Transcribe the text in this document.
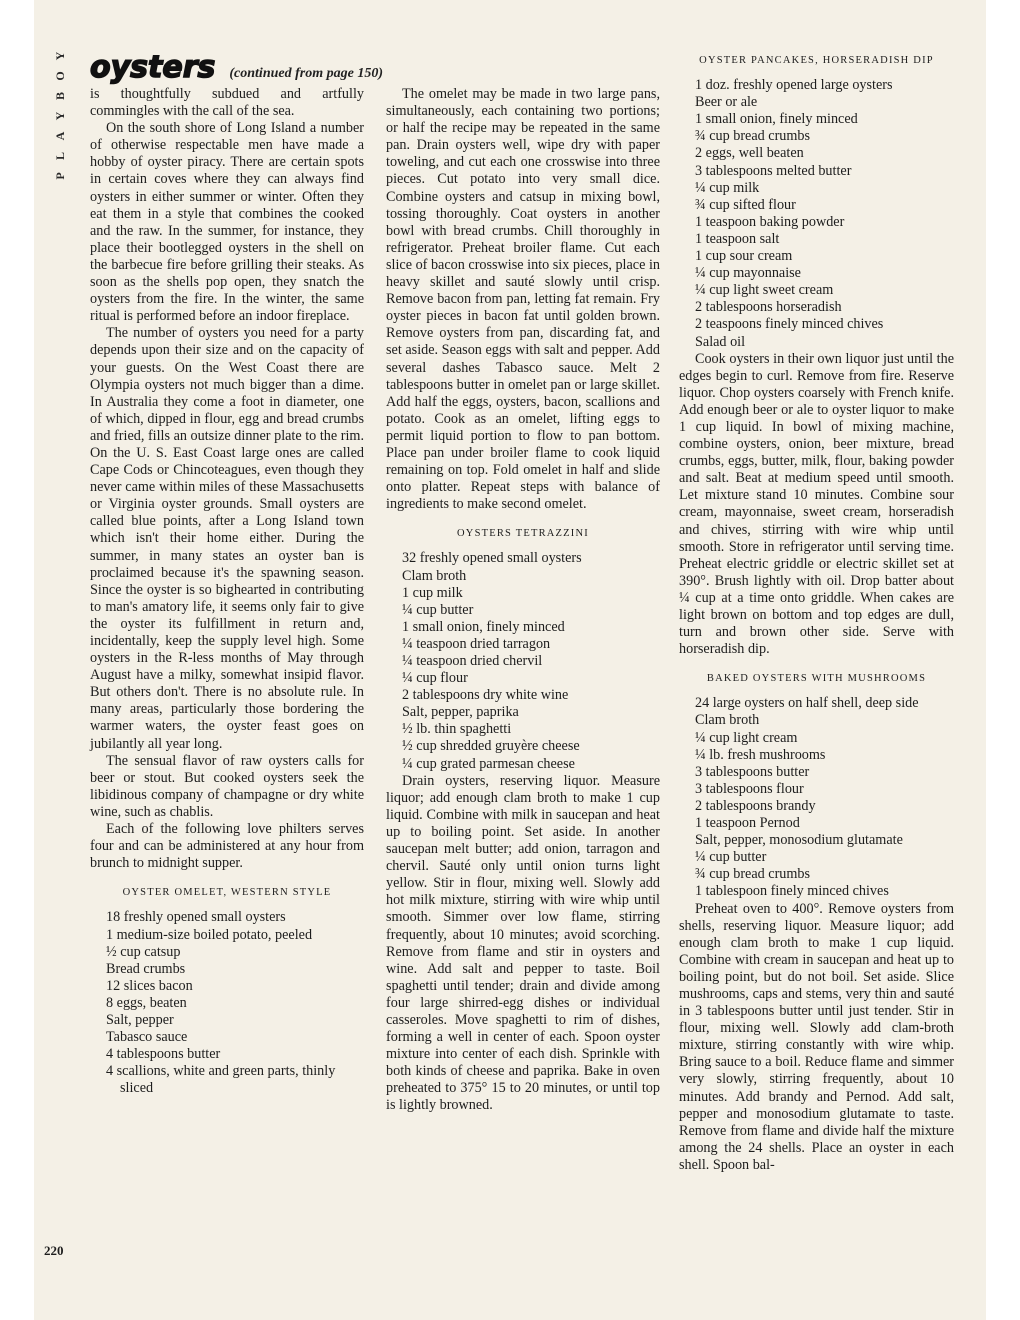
Y
O
B
Y
A
L
P
oysters (continued from page 150)

is thoughtfully subdued and artfully commingles with the call of the sea.

On the south shore of Long Island a number of otherwise respectable men have made a hobby of oyster piracy. There are certain spots in certain coves where they can always find oysters in either summer or winter. Often they eat them in a style that combines the cooked and the raw. In the summer, for instance, they place their bootlegged oysters in the shell on the barbecue fire before grilling their steaks. As soon as the shells pop open, they snatch the oysters from the fire. In the winter, the same ritual is performed before an indoor fireplace.

The number of oysters you need for a party depends upon their size and on the capacity of your guests. On the West Coast there are Olympia oysters not much bigger than a dime. In Australia they come a foot in diameter, one of which, dipped in flour, egg and bread crumbs and fried, fills an outsize dinner plate to the rim. On the U. S. East Coast large ones are called Cape Cods or Chincoteagues, even though they never came within miles of these Massachusetts or Virginia oyster grounds. Small oysters are called blue points, after a Long Island town which isn't their home either. During the summer, in many states an oyster ban is proclaimed because it's the spawning season. Since the oyster is so bighearted in contributing to man's amatory life, it seems only fair to give the oyster its fulfillment in return and, incidentally, keep the supply level high. Some oysters in the R-less months of May through August have a milky, somewhat insipid flavor. But others don't. There is no absolute rule. In many areas, particularly those bordering the warmer waters, the oyster feast goes on jubilantly all year long.

The sensual flavor of raw oysters calls for beer or stout. But cooked oysters seek the libidinous company of champagne or dry white wine, such as chablis.

Each of the following love philters serves four and can be administered at any hour from brunch to midnight supper.

OYSTER OMELET, WESTERN STYLE
18 freshly opened small oysters
1 medium-size boiled potato, peeled
½ cup catsup
Bread crumbs
12 slices bacon
8 eggs, beaten
Salt, pepper
Tabasco sauce
4 tablespoons butter
4 scallions, white and green parts, thinly sliced

The omelet may be made in two large pans, simultaneously, each containing two portions; or half the recipe may be repeated in the same pan. Drain oysters well, wipe dry with paper toweling, and cut each one crosswise into three pieces. Cut potato into very small dice. Combine oysters and catsup in mixing bowl, tossing thoroughly. Coat oysters in another bowl with bread crumbs. Chill thoroughly in refrigerator. Preheat broiler flame. Cut each slice of bacon crosswise into six pieces, place in heavy skillet and sauté slowly until crisp. Remove bacon from pan, letting fat remain. Fry oyster pieces in bacon fat until golden brown. Remove oysters from pan, discarding fat, and set aside. Season eggs with salt and pepper. Add several dashes Tabasco sauce. Melt 2 tablespoons butter in omelet pan or large skillet. Add half the eggs, oysters, bacon, scallions and potato. Cook as an omelet, lifting eggs to permit liquid portion to flow to pan bottom. Place pan under broiler flame to cook liquid remaining on top. Fold omelet in half and slide onto platter. Repeat steps with balance of ingredients to make second omelet.

OYSTERS TETRAZZINI
32 freshly opened small oysters
Clam broth
1 cup milk
¼ cup butter
1 small onion, finely minced
¼ teaspoon dried tarragon
¼ teaspoon dried chervil
¼ cup flour
2 tablespoons dry white wine
Salt, pepper, paprika
½ lb. thin spaghetti
½ cup shredded gruyère cheese
¼ cup grated parmesan cheese

Drain oysters, reserving liquor. Measure liquor; add enough clam broth to make 1 cup liquid. Combine with milk in saucepan and heat up to boiling point. Set aside. In another saucepan melt butter; add onion, tarragon and chervil. Sauté only until onion turns light yellow. Stir in flour, mixing well. Slowly add hot milk mixture, stirring with wire whip until smooth. Simmer over low flame, stirring frequently, about 10 minutes; avoid scorching. Remove from flame and stir in oysters and wine. Add salt and pepper to taste. Boil spaghetti until tender; drain and divide among four large shirred-egg dishes or individual casseroles. Move spaghetti to rim of dishes, forming a well in center of each. Spoon oyster mixture into center of each dish. Sprinkle with both kinds of cheese and paprika. Bake in oven preheated to 375° 15 to 20 minutes, or until top is lightly browned.

OYSTER PANCAKES, HORSERADISH DIP
1 doz. freshly opened large oysters
Beer or ale
1 small onion, finely minced
¾ cup bread crumbs
2 eggs, well beaten
3 tablespoons melted butter
¼ cup milk
¾ cup sifted flour
1 teaspoon baking powder
1 teaspoon salt
1 cup sour cream
¼ cup mayonnaise
¼ cup light sweet cream
2 tablespoons horseradish
2 teaspoons finely minced chives
Salad oil

Cook oysters in their own liquor just until the edges begin to curl. Remove from fire. Reserve liquor. Chop oysters coarsely with French knife. Add enough beer or ale to oyster liquor to make 1 cup liquid. In bowl of mixing machine, combine oysters, onion, beer mixture, bread crumbs, eggs, butter, milk, flour, baking powder and salt. Beat at medium speed until smooth. Let mixture stand 10 minutes. Combine sour cream, mayonnaise, sweet cream, horseradish and chives, stirring with wire whip until smooth. Store in refrigerator until serving time. Preheat electric griddle or electric skillet set at 390°. Brush lightly with oil. Drop batter about ¼ cup at a time onto griddle. When cakes are light brown on bottom and top edges are dull, turn and brown other side. Serve with horseradish dip.

BAKED OYSTERS WITH MUSHROOMS
24 large oysters on half shell, deep side
Clam broth
¼ cup light cream
¼ lb. fresh mushrooms
3 tablespoons butter
3 tablespoons flour
2 tablespoons brandy
1 teaspoon Pernod
Salt, pepper, monosodium glutamate
¼ cup butter
¾ cup bread crumbs
1 tablespoon finely minced chives

Preheat oven to 400°. Remove oysters from shells, reserving liquor. Measure liquor; add enough clam broth to make 1 cup liquid. Combine with cream in saucepan and heat up to boiling point, but do not boil. Set aside. Slice mushrooms, caps and stems, very thin and sauté in 3 tablespoons butter until just tender. Stir in flour, mixing well. Slowly add clam-broth mixture, stirring constantly with wire whip. Bring sauce to a boil. Reduce flame and simmer very slowly, stirring frequently, about 10 minutes. Add brandy and Pernod. Add salt, pepper and monosodium glutamate to taste. Remove from flame and divide half the mixture among the 24 shells. Place an oyster in each shell. Spoon bal-

220
